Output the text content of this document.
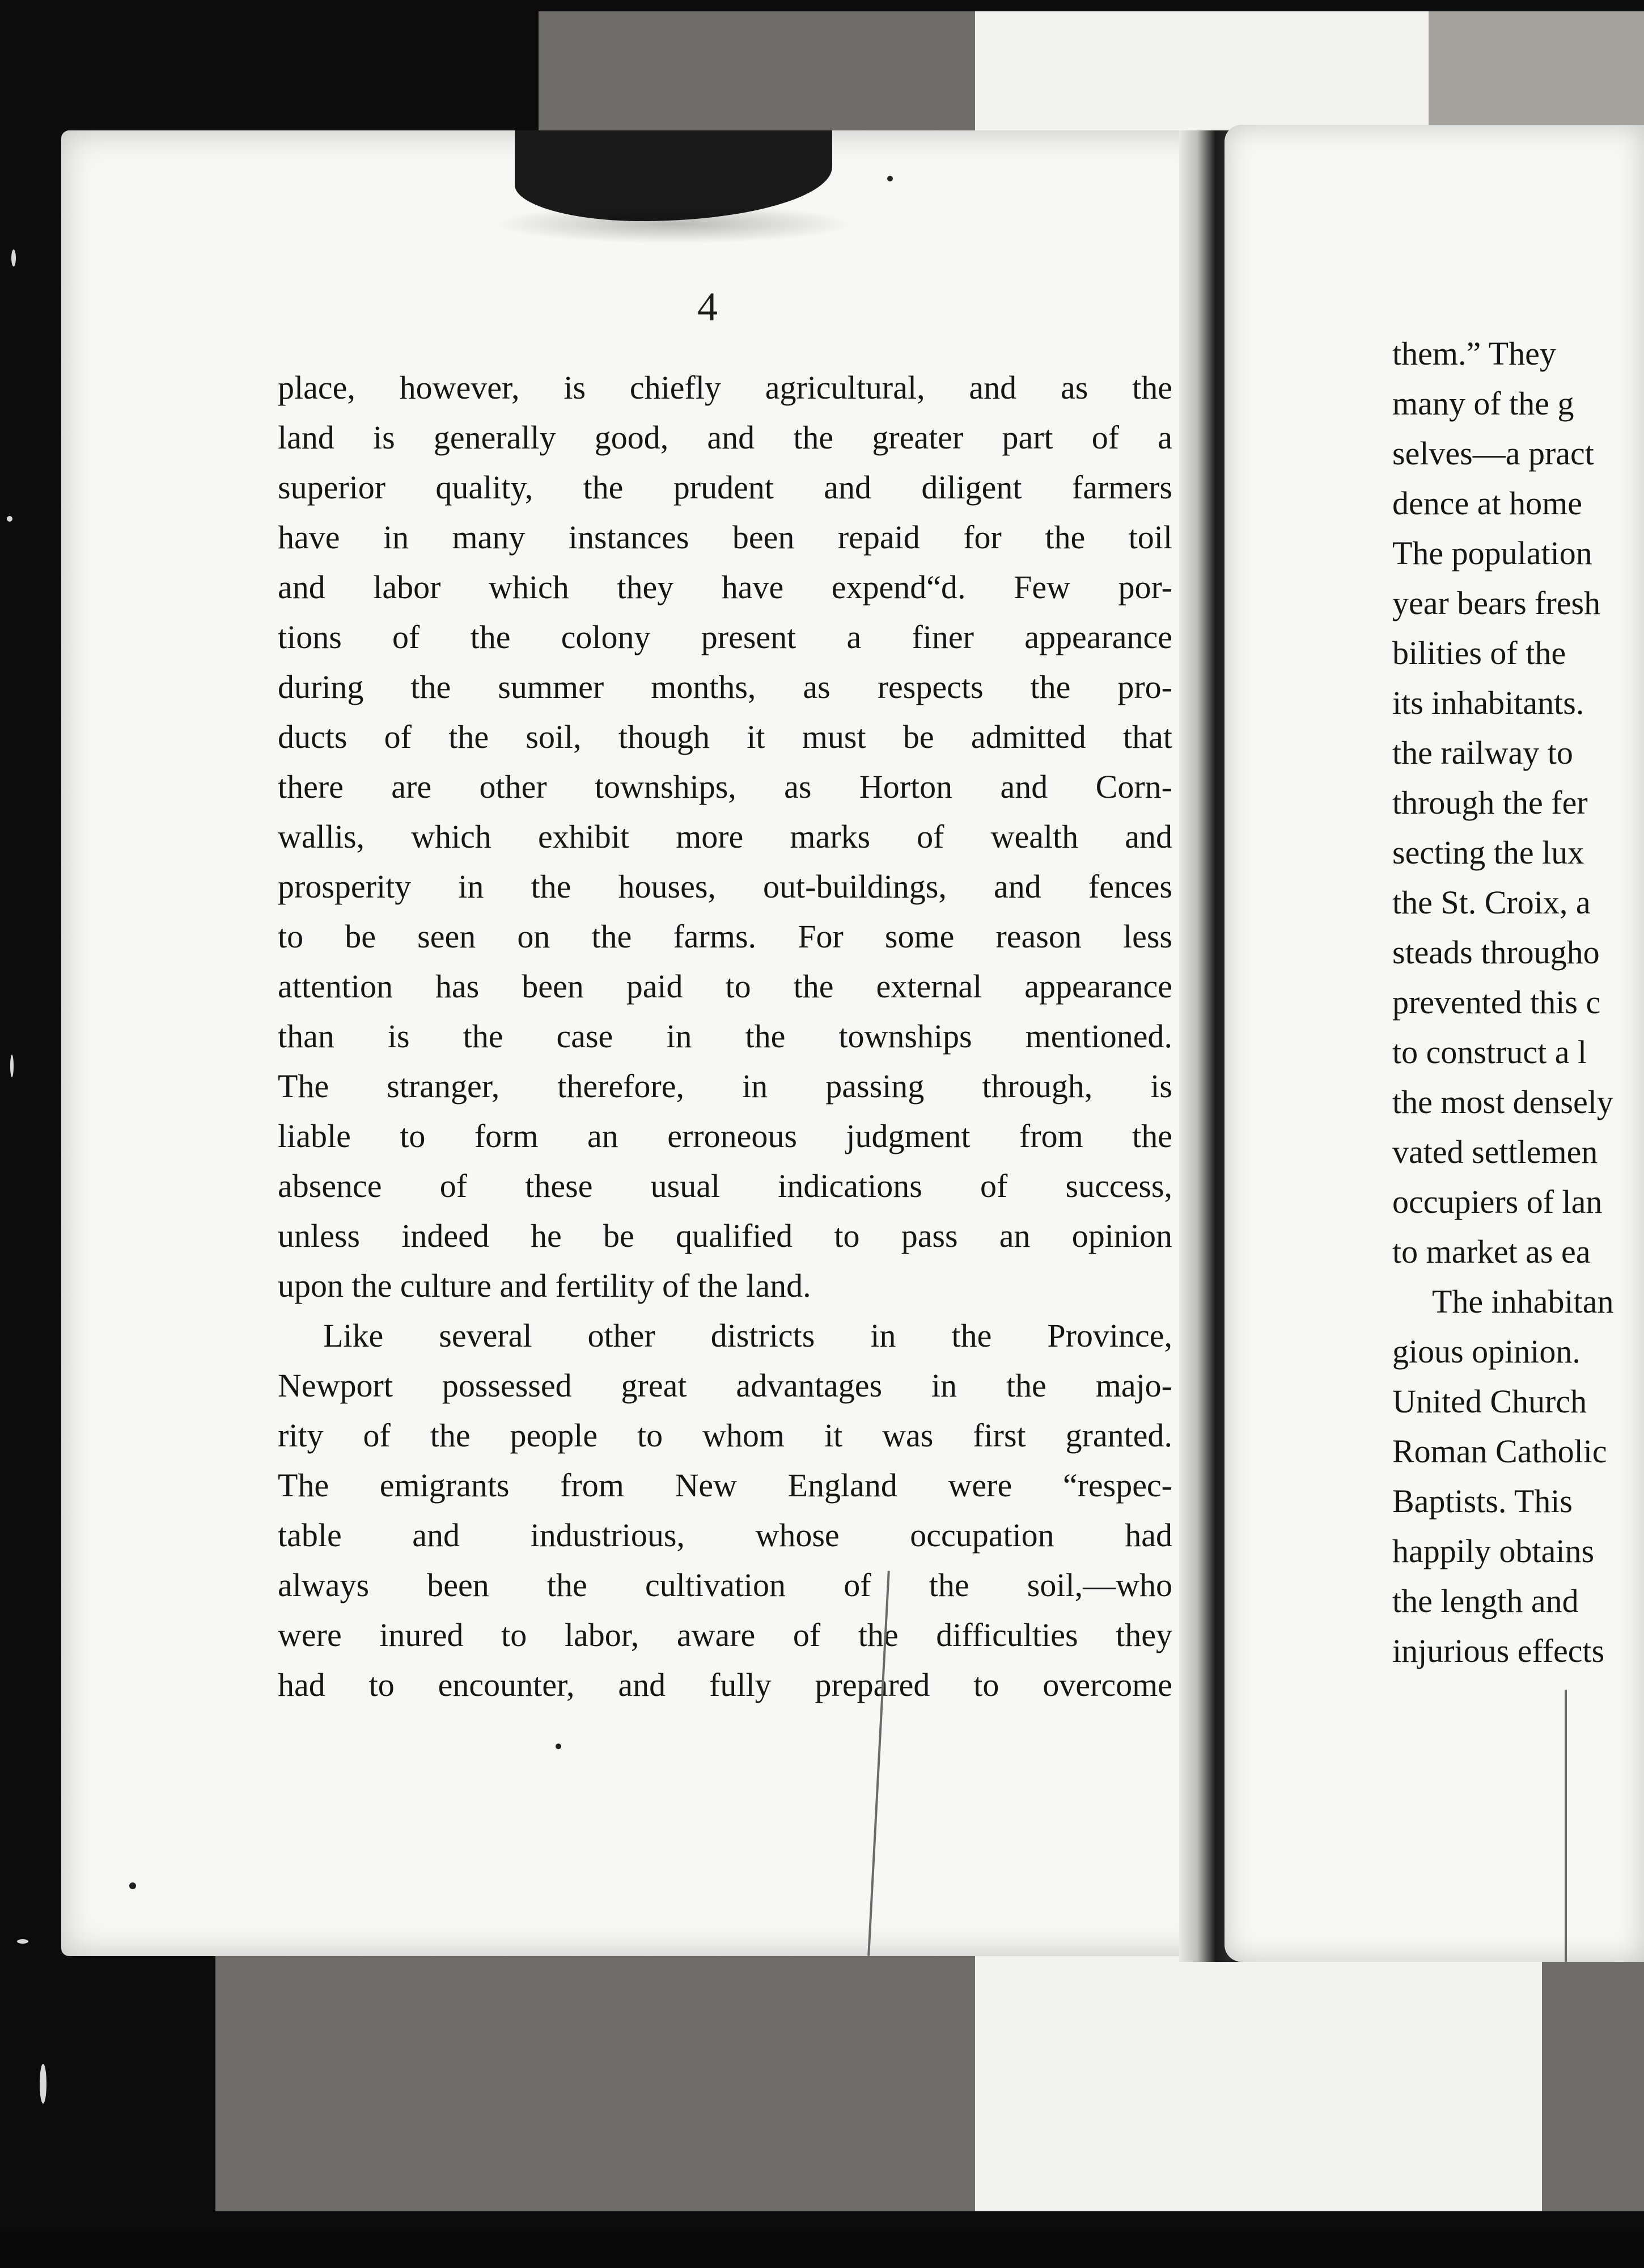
4
place, however, is chiefly agricultural, and as the
land is generally good, and the greater part of a
superior quality, the prudent and diligent farmers
have in many instances been repaid for the toil
and labor which they have expend“d. Few por-
tions of the colony present a finer appearance
during the summer months, as respects the pro-
ducts of the soil, though it must be admitted that
there are other townships, as Horton and Corn-
wallis, which exhibit more marks of wealth and
prosperity in the houses, out-buildings, and fences
to be seen on the farms. For some reason less
attention has been paid to the external appearance
than is the case in the townships mentioned.
The stranger, therefore, in passing through, is
liable to form an erroneous judgment from the
absence of these usual indications of success,
unless indeed he be qualified to pass an opinion
upon the culture and fertility of the land.
Like several other districts in the Province,
Newport possessed great advantages in the majo-
rity of the people to whom it was first granted.
The emigrants from New England were “respec-
table and industrious, whose occupation had
always been the cultivation of the soil,—who
were inured to labor, aware of the difficulties they
had to encounter, and fully prepared to overcome
them.” They
many of the g
selves—a pract
dence at home
The population
year bears fresh
bilities of the
its inhabitants.
the railway to
through the fer
secting the lux
the St. Croix, a
steads througho
prevented this c
to construct a l
the most densely
vated settlemen
occupiers of lan
to market as ea
The inhabitan
gious opinion.
United Church
Roman Catholic
Baptists. This
happily obtains
the length and
injurious effects
